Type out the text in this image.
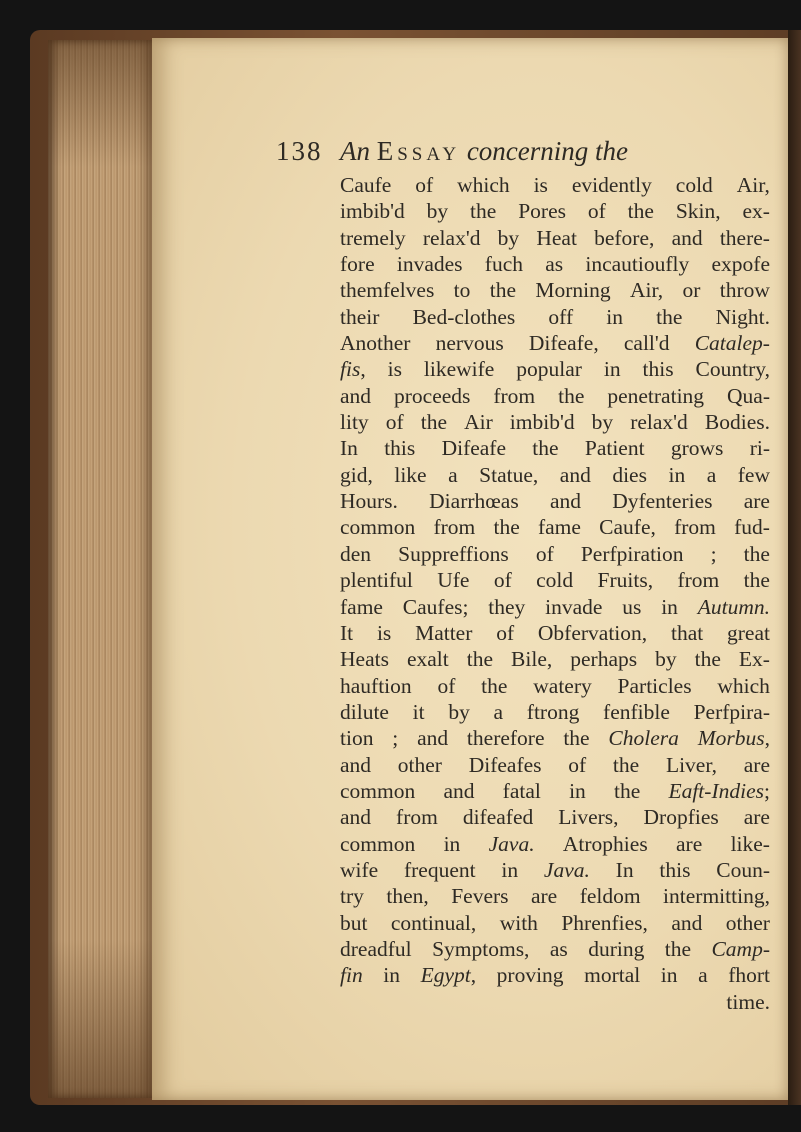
138 An Essay concerning the
Caufe of which is evidently cold Air,
imbib'd by the Pores of the Skin, ex-
tremely relax'd by Heat before, and there-
fore invades fuch as incautioufly expofe
themfelves to the Morning Air, or throw
their Bed-clothes off in the Night.
Another nervous Difeafe, call'd Catalep-
fis, is likewife popular in this Country,
and proceeds from the penetrating Qua-
lity of the Air imbib'd by relax'd Bodies.
In this Difeafe the Patient grows ri-
gid, like a Statue, and dies in a few
Hours. Diarrhœas and Dyfenteries are
common from the fame Caufe, from fud-
den Suppreffions of Perfpiration ; the
plentiful Ufe of cold Fruits, from the
fame Caufes; they invade us in Autumn.
It is Matter of Obfervation, that great
Heats exalt the Bile, perhaps by the Ex-
hauftion of the watery Particles which
dilute it by a ftrong fenfible Perfpira-
tion ; and therefore the Cholera Morbus,
and other Difeafes of the Liver, are
common and fatal in the Eaft-Indies;
and from difeafed Livers, Dropfies are
common in Java. Atrophies are like-
wife frequent in Java. In this Coun-
try then, Fevers are feldom intermitting,
but continual, with Phrenfies, and other
dreadful Symptoms, as during the Camp-
fin in Egypt, proving mortal in a fhort
time.
